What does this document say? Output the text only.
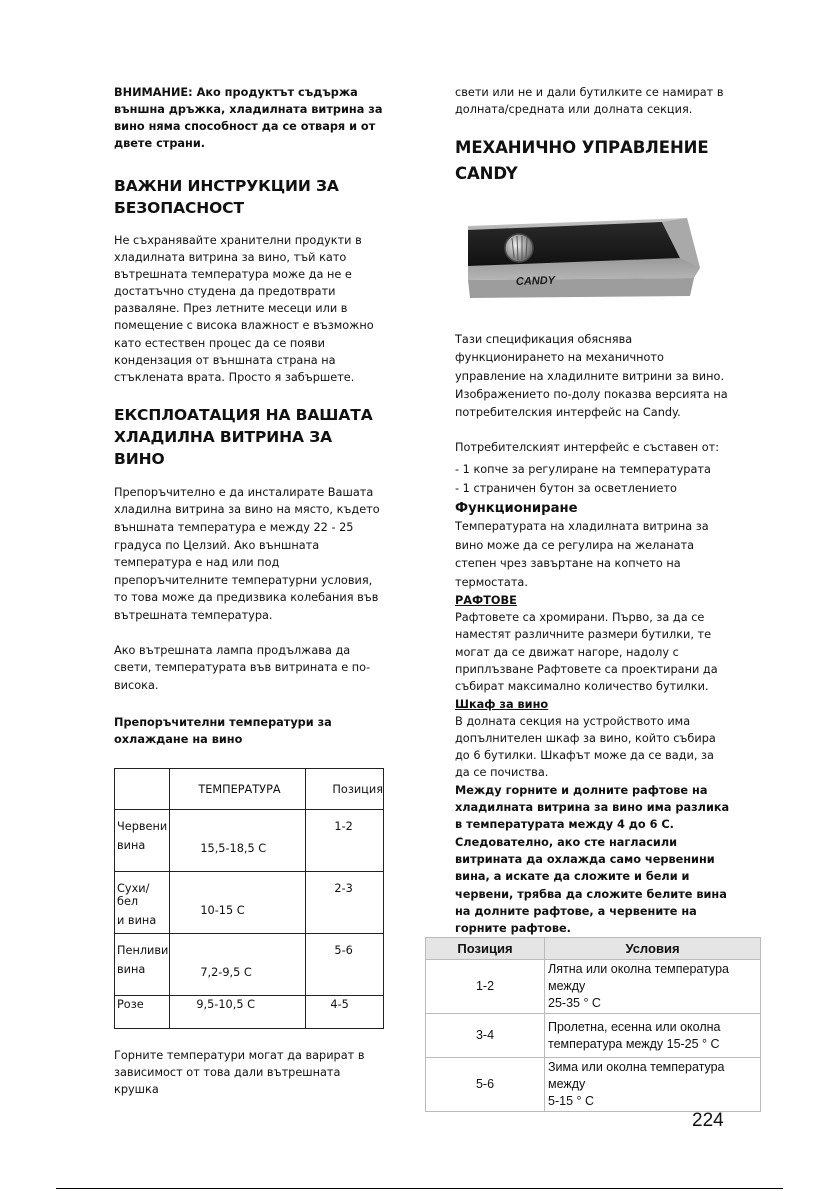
ВНИМАНИЕ: Ако продуктът съдържа външна дръжка, хладилната витрина за вино няма способност да се отваря и от двете страни.

ВАЖНИ ИНСТРУКЦИИ ЗА БЕЗОПАСНОСТ

Не съхранявайте хранителни продукти в хладилната витрина за вино, тъй като вътрешната температура може да не е достатъчно студена да предотврати разваляне. През летните месеци или в помещение с висока влажност е възможно като естествен процес да се появи кондензация от външната страна на стъклената врата. Просто я забършете.

ЕКСПЛОАТАЦИЯ НА ВАШАТА ХЛАДИЛНА ВИТРИНА ЗА ВИНО

Препоръчително е да инсталирате Вашата хладилна витрина за вино на място, където външната температура е между 22 - 25 градуса по Целзий. Ако външната температура е над или под препоръчителните температурни условия, то това може да предизвика колебания във вътрешната температура.

Ако вътрешната лампа продължава да свети, температурата във витрината е по-висока.

Препоръчителни температури за охлаждане на вино

	ТЕМПЕРАТУРА	Позиция

Червени
вина	15,5-18,5 C	1-2

Сухи/бел
и вина	10-15 C	2-3

Пенливи
вина	7,2-9,5 C	5-6

Розе	9,5-10,5 C	4-5

Горните температури могат да варират в зависимост от това дали вътрешната крушка

свети или не и дали бутилките се намират в долната/средната или долната секция.

МЕХАНИЧНО УПРАВЛЕНИЕ CANDY

Тази спецификация обяснява функционирането на механичното управление на хладилните витрини за вино. Изображението по-долу показва версията на потребителския интерфейс на Candy.

Потребителският интерфейс е съставен от:

- 1 копче за регулиране на температурата

- 1 страничен бутон за осветлението

Функциониране

Температурата на хладилната витрина за вино може да се регулира на желаната степен чрез завъртане на копчето на термостата.

РАФТОВЕ

Рафтовете са хромирани. Първо, за да се наместят различните размери бутилки, те могат да се движат нагоре, надолу с приплъзване Рафтовете са проектирани да събират максимално количество бутилки.

Шкаф за вино

В долната секция на устройството има допълнителен шкаф за вино, който събира до 6 бутилки. Шкафът може да се вади, за да се почиства.

Между горните и долните рафтове на хладилната витрина за вино има разлика в температурата между 4 до 6 С. Следователно, ако сте нагласили витрината да охлажда само червенини вина, а искате да сложите и бели и червени, трябва да сложите белите вина на долните рафтове, а червените на горните рафтове.

CANDY
Позиция	Условия
1-2	Лятна или околна температура между
25-35 ° C

3-4	Пролетна, есенна или околна
температура между 15-25 ° C

5-6	Зима или околна температура между
5-15 ° C
224
